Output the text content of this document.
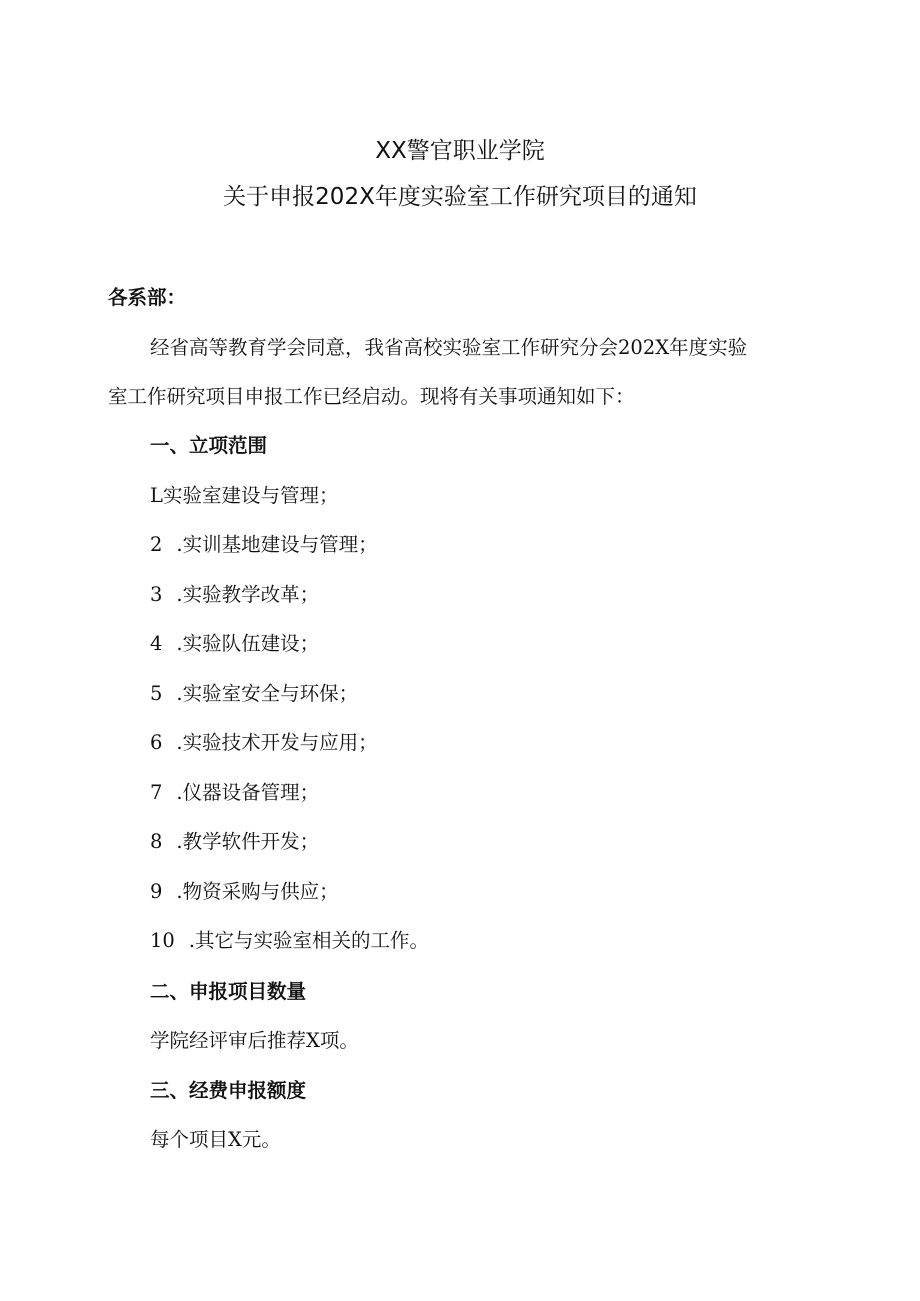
XX警官职业学院
关于申报202X年度实验室工作研究项目的通知
各系部：
经省高等教育学会同意，我省高校实验室工作研究分会202X年度实验
室工作研究项目申报工作已经启动。现将有关事项通知如下：
一、立项范围
L实验室建设与管理；
2 .实训基地建设与管理；
3 .实验教学改革；
4 .实验队伍建设；
5 .实验室安全与环保；
6 .实验技术开发与应用；
7 .仪器设备管理；
8 .教学软件开发；
9 .物资采购与供应；
10 .其它与实验室相关的工作。
二、申报项目数量
学院经评审后推荐X项。
三、经费申报额度
每个项目X元。
